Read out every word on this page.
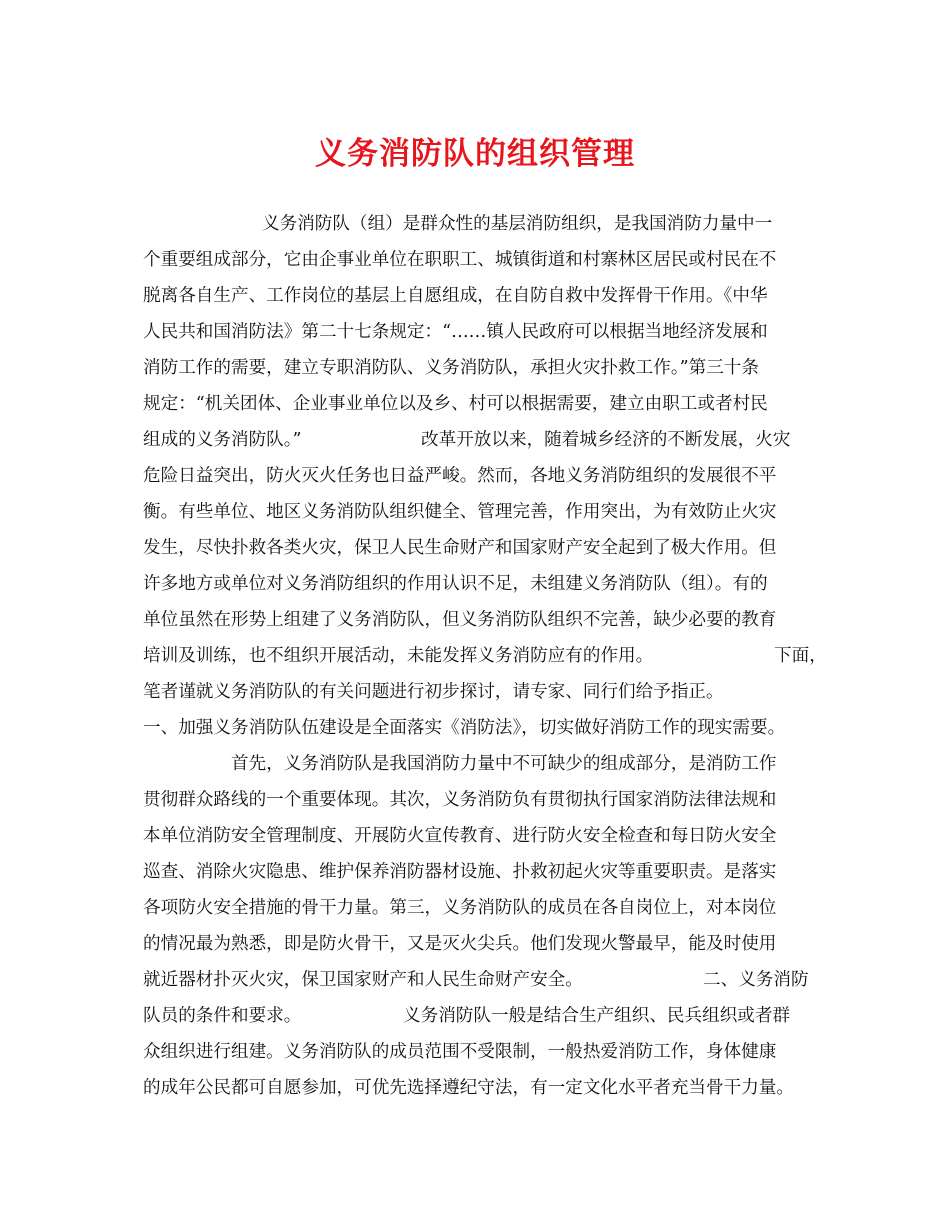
义务消防队的组织管理
义务消防队（组）是群众性的基层消防组织，是我国消防力量中一
个重要组成部分，它由企事业单位在职职工、城镇街道和村寨林区居民或村民在不
脱离各自生产、工作岗位的基层上自愿组成，在自防自救中发挥骨干作用。《中华
人民共和国消防法》第二十七条规定：“……镇人民政府可以根据当地经济发展和
消防工作的需要，建立专职消防队、义务消防队，承担火灾扑救工作。”第三十条
规定：“机关团体、企业事业单位以及乡、村可以根据需要，建立由职工或者村民
组成的义务消防队。”	改革开放以来，随着城乡经济的不断发展，火灾
危险日益突出，防火灭火任务也日益严峻。然而，各地义务消防组织的发展很不平
衡。有些单位、地区义务消防队组织健全、管理完善，作用突出，为有效防止火灾
发生，尽快扑救各类火灾，保卫人民生命财产和国家财产安全起到了极大作用。但
许多地方或单位对义务消防组织的作用认识不足，未组建义务消防队（组）。有的
单位虽然在形势上组建了义务消防队，但义务消防队组织不完善，缺少必要的教育
培训及训练，也不组织开展活动，未能发挥义务消防应有的作用。	下面，
笔者谨就义务消防队的有关问题进行初步探讨，请专家、同行们给予指正。
一、加强义务消防队伍建设是全面落实《消防法》，切实做好消防工作的现实需要。
首先，义务消防队是我国消防力量中不可缺少的组成部分，是消防工作
贯彻群众路线的一个重要体现。其次，义务消防负有贯彻执行国家消防法律法规和
本单位消防安全管理制度、开展防火宣传教育、进行防火安全检查和每日防火安全
巡查、消除火灾隐患、维护保养消防器材设施、扑救初起火灾等重要职责。是落实
各项防火安全措施的骨干力量。第三，义务消防队的成员在各自岗位上，对本岗位
的情况最为熟悉，即是防火骨干，又是灭火尖兵。他们发现火警最早，能及时使用
就近器材扑灭火灾，保卫国家财产和人民生命财产安全。	二、义务消防
队员的条件和要求。	义务消防队一般是结合生产组织、民兵组织或者群
众组织进行组建。义务消防队的成员范围不受限制，一般热爱消防工作，身体健康
的成年公民都可自愿参加，可优先选择遵纪守法，有一定文化水平者充当骨干力量。
